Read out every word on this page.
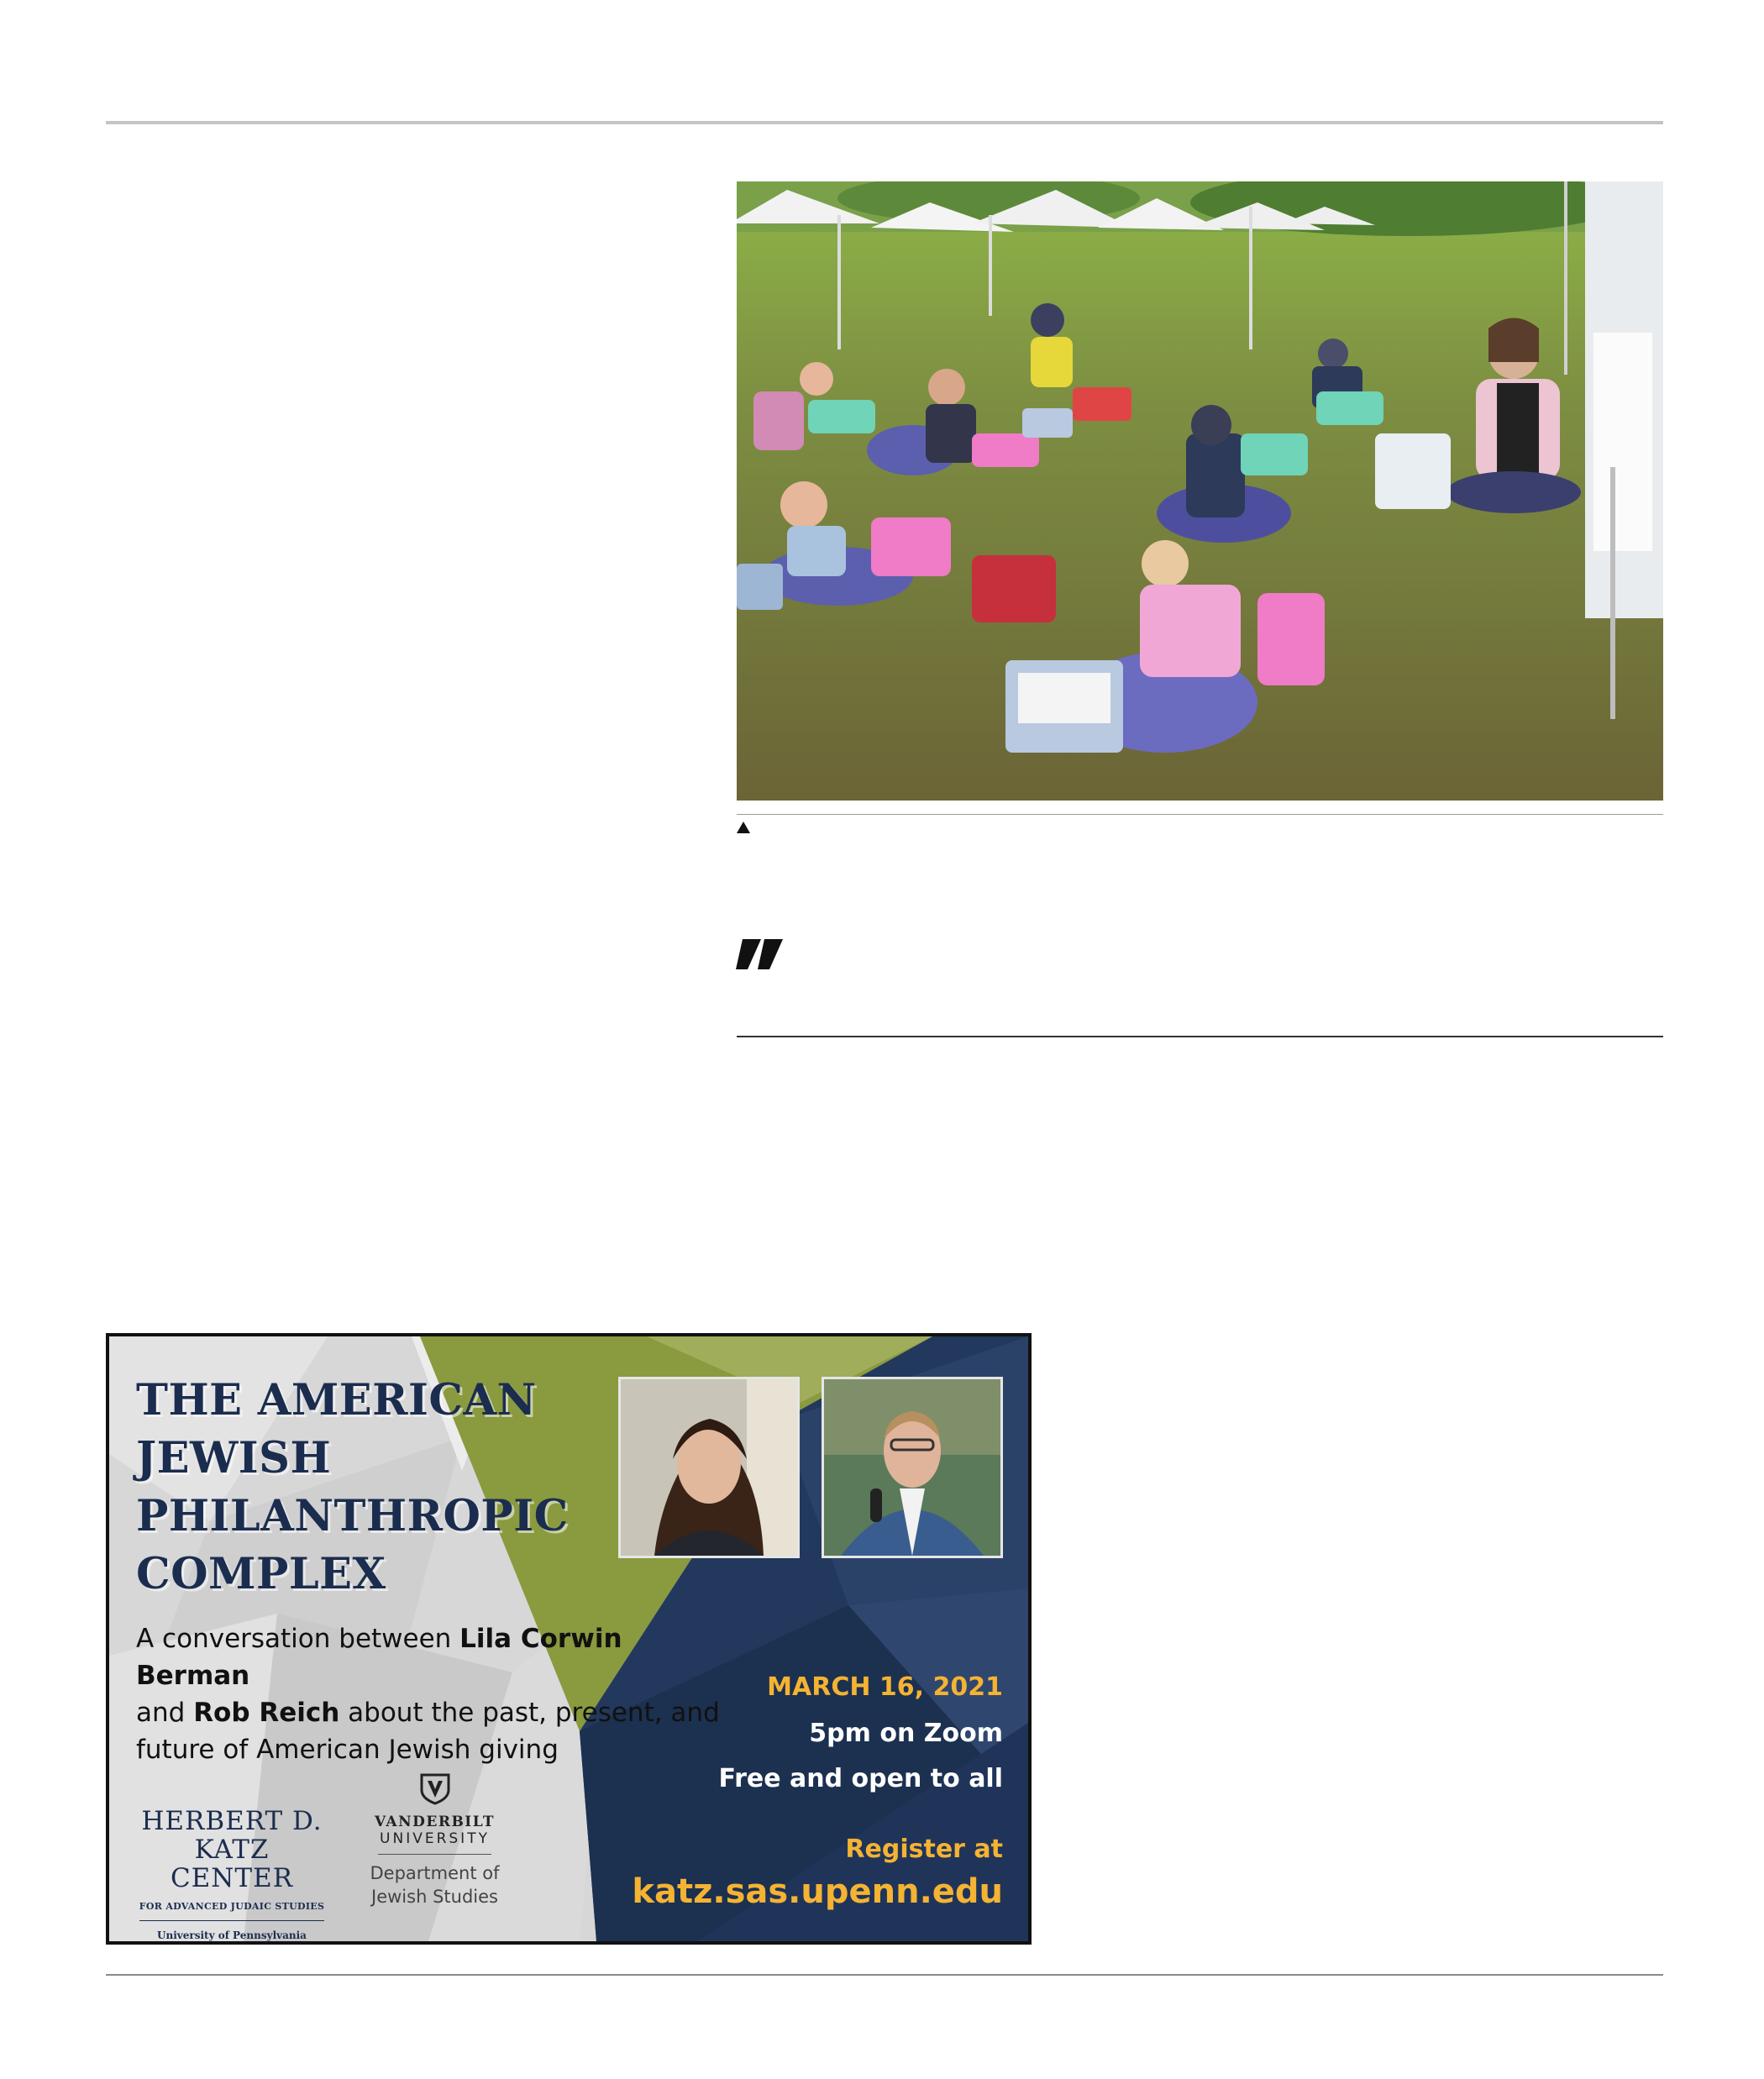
THE AMERICAN
JEWISH
PHILANTHROPIC
COMPLEX

A conversation between Lila Corwin Berman
and Rob Reich about the past, present, and
future of American Jewish giving

MARCH 16, 2021

5pm on Zoom

Free and open to all

Register at

katz.sas.upenn.edu

HERBERT D.
KATZ CENTER
FOR ADVANCED JUDAIC STUDIES
University of Pennsylvania
VANDERBILT
UNIVERSITY
Department of
Jewish Studies
